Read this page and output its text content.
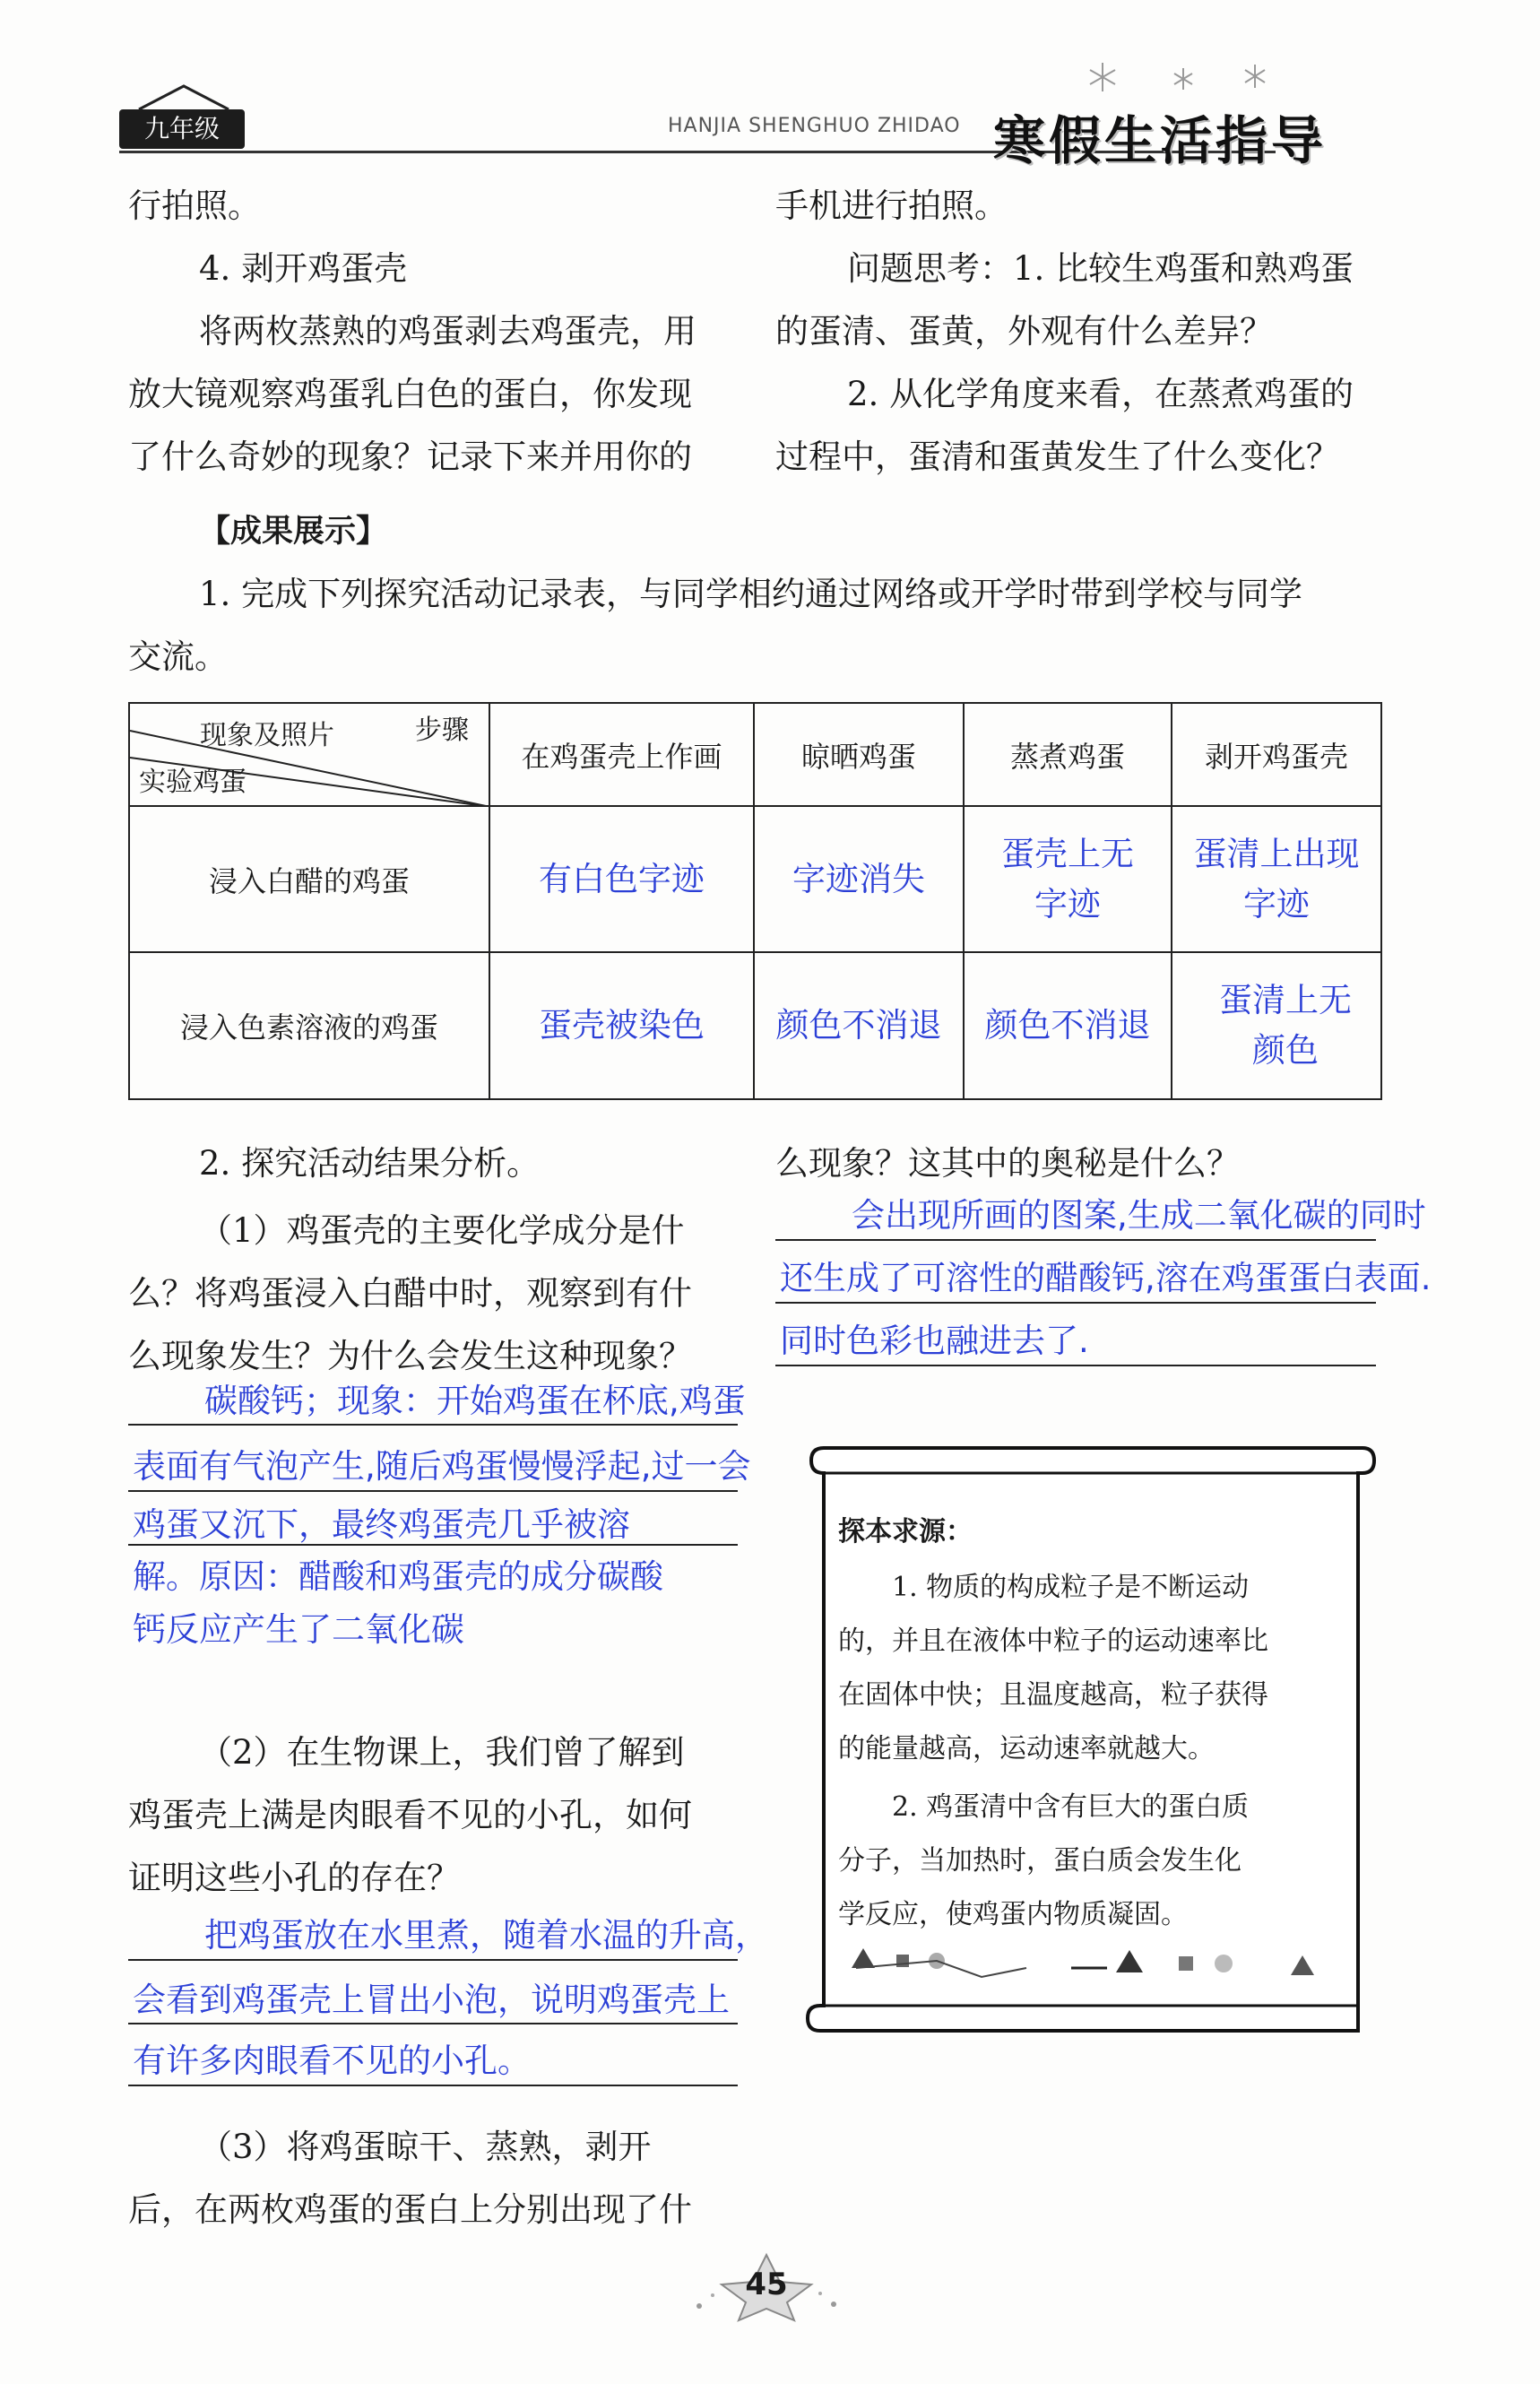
九年级	HANJIA SHENGHUO ZHIDAO 寒假生活指导
行拍照。
4. 剥开鸡蛋壳
将两枚蒸熟的鸡蛋剥去鸡蛋壳，用
放大镜观察鸡蛋乳白色的蛋白，你发现
了什么奇妙的现象？记录下来并用你的
手机进行拍照。
问题思考：1. 比较生鸡蛋和熟鸡蛋
的蛋清、蛋黄，外观有什么差异？
2. 从化学角度来看，在蒸煮鸡蛋的
过程中，蛋清和蛋黄发生了什么变化？
【成果展示】
1. 完成下列探究活动记录表，与同学相约通过网络或开学时带到学校与同学
交流。
现象及照片 步骤
实验鸡蛋	在鸡蛋壳上作画	晾晒鸡蛋	蒸煮鸡蛋	剥开鸡蛋壳
浸入白醋的鸡蛋	有白色字迹	字迹消失	蛋壳上无字迹	蛋清上出现字迹
浸入色素溶液的鸡蛋	蛋壳被染色	颜色不消退	颜色不消退	蛋清上无颜色
2. 探究活动结果分析。
（1）鸡蛋壳的主要化学成分是什
么？将鸡蛋浸入白醋中时，观察到有什
么现象发生？为什么会发生这种现象？
碳酸钙；现象：开始鸡蛋在杯底,鸡蛋
表面有气泡产生,随后鸡蛋慢慢浮起,过一会
鸡蛋又沉下，最终鸡蛋壳几乎被溶
解。原因：醋酸和鸡蛋壳的成分碳酸
钙反应产生了二氧化碳
（2）在生物课上，我们曾了解到
鸡蛋壳上满是肉眼看不见的小孔，如何
证明这些小孔的存在？
把鸡蛋放在水里煮，随着水温的升高，
会看到鸡蛋壳上冒出小泡，说明鸡蛋壳上
有许多肉眼看不见的小孔。
（3）将鸡蛋晾干、蒸熟，剥开
后，在两枚鸡蛋的蛋白上分别出现了什
么现象？这其中的奥秘是什么？
会出现所画的图案,生成二氧化碳的同时
还生成了可溶性的醋酸钙,溶在鸡蛋蛋白表面.
同时色彩也融进去了.
探本求源：
1. 物质的构成粒子是不断运动
的，并且在液体中粒子的运动速率比
在固体中快；且温度越高，粒子获得
的能量越高，运动速率就越大。
2. 鸡蛋清中含有巨大的蛋白质
分子，当加热时，蛋白质会发生化
学反应，使鸡蛋内物质凝固。
45
